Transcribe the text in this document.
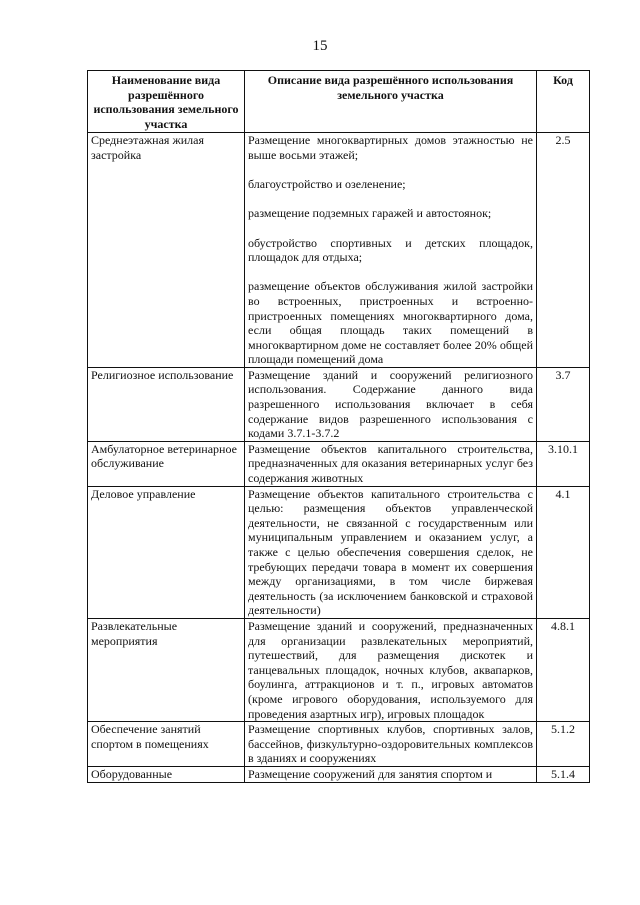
15
Наименование вида разрешённого использования земельного участка	Описание вида разрешённого использования земельного участка	Код
Среднеэтажная жилая застройка	Размещение многоквартирных домов этажностью не выше восьми этажей;

благоустройство и озеленение;

размещение подземных гаражей и автостоянок;

обустройство спортивных и детских площадок, площадок для отдыха;

размещение объектов обслуживания жилой застройки во встроенных, пристроенных и встроенно-пристроенных помещениях многоквартирного дома, если общая площадь таких помещений в многоквартирном доме не составляет более 20% общей площади помещений дома	2.5
Религиозное использование	Размещение зданий и сооружений религиозного использования. Содержание данного вида разрешенного использования включает в себя содержание видов разрешенного использования с кодами 3.7.1-3.7.2	3.7
Амбулаторное ветеринарное обслуживание	Размещение объектов капитального строительства, предназначенных для оказания ветеринарных услуг без содержания животных	3.10.1
Деловое управление	Размещение объектов капитального строительства с целью: размещения объектов управленческой деятельности, не связанной с государственным или муниципальным управлением и оказанием услуг, а также с целью обеспечения совершения сделок, не требующих передачи товара в момент их совершения между организациями, в том числе биржевая деятельность (за исключением банковской и страховой деятельности)	4.1
Развлекательные мероприятия	Размещение зданий и сооружений, предназначенных для организации развлекательных мероприятий, путешествий, для размещения дискотек и танцевальных площадок, ночных клубов, аквапарков, боулинга, аттракционов и т. п., игровых автоматов (кроме игрового оборудования, используемого для проведения азартных игр), игровых площадок	4.8.1
Обеспечение занятий спортом в помещениях	Размещение спортивных клубов, спортивных залов, бассейнов, физкультурно-оздоровительных комплексов в зданиях и сооружениях	5.1.2
Оборудованные	Размещение сооружений для занятия спортом и	5.1.4
